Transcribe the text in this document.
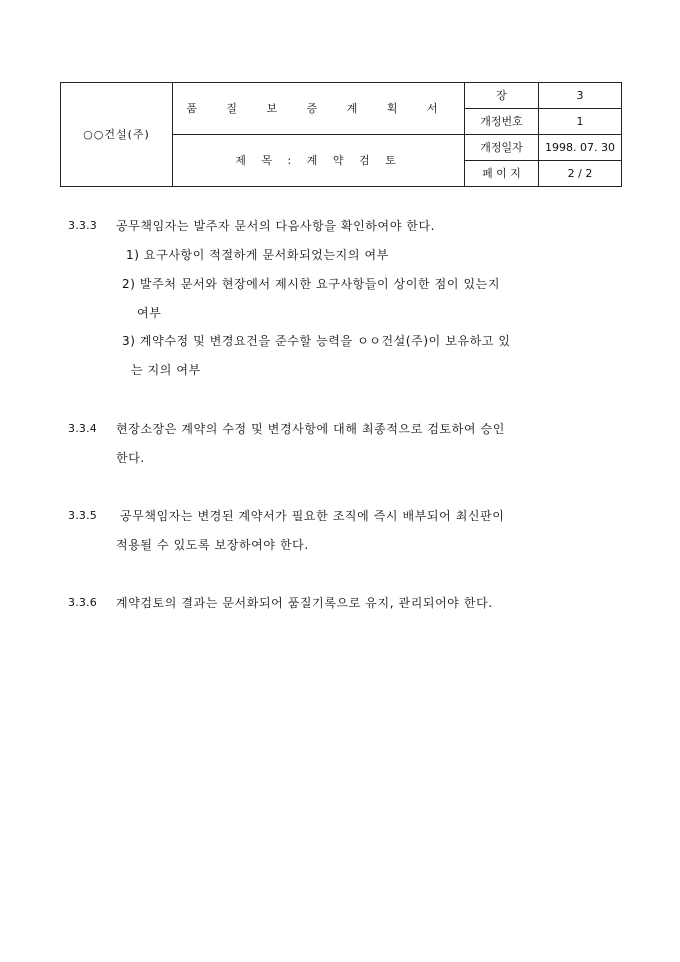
○○건설(주)	품 질 보 증 계 획 서	장	3
		개정번호	1
	제 목 : 계 약 검 토	개정일자	1998. 07. 30
		페 이 지	2 / 2
3.3.3 공무책임자는 발주자 문서의 다음사항을 확인하여야 한다.
1) 요구사항이 적절하게 문서화되었는지의 여부
2) 발주처 문서와 현장에서 제시한 요구사항들이 상이한 점이 있는지
여부
3) 계약수정 및 변경요건을 준수할 능력을 ㅇㅇ건설(주)이 보유하고 있
는 지의 여부
3.3.4 현장소장은 계약의 수정 및 변경사항에 대해 최종적으로 검토하여 승인
한다.
3.3.5 공무책임자는 변경된 계약서가 필요한 조직에 즉시 배부되어 최신판이
적용될 수 있도록 보장하여야 한다.
3.3.6 계약검토의 결과는 문서화되어 품질기록으로 유지, 관리되어야 한다.
